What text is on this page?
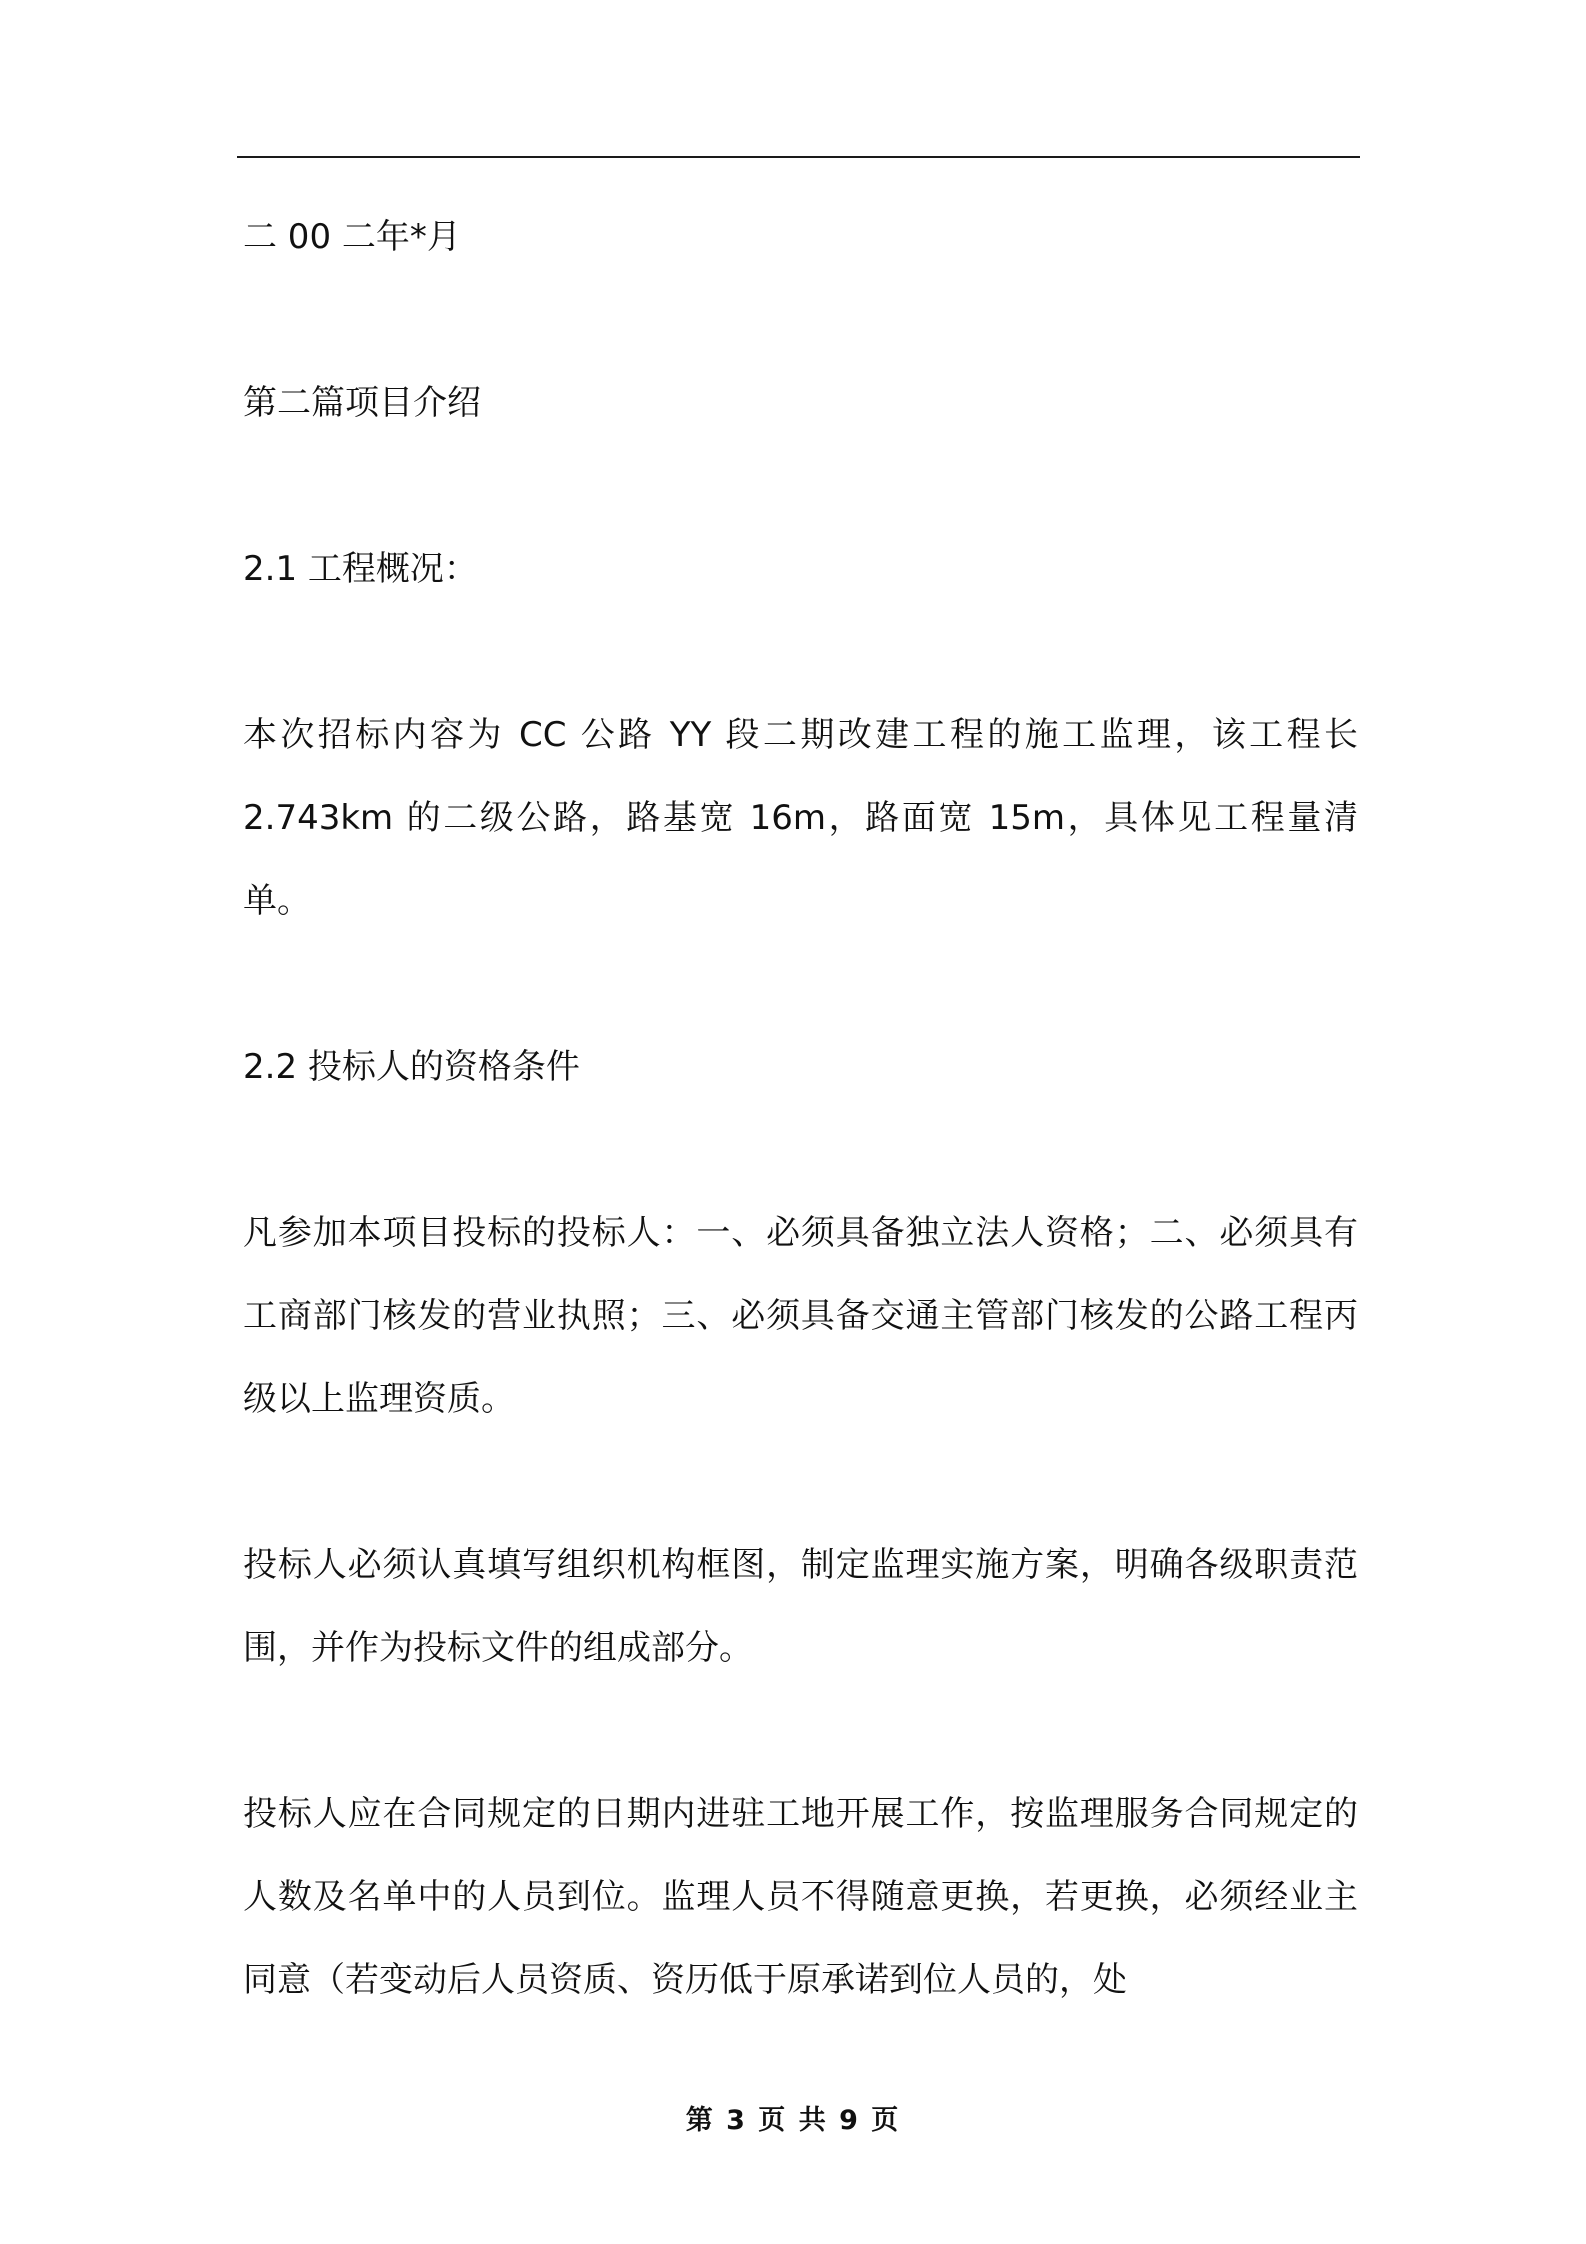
二 00 二年*月

第二篇项目介绍

2.1 工程概况：

本次招标内容为 CC 公路 YY 段二期改建工程的施工监理，该工程长 2.743km 的二级公路，路基宽 16m，路面宽 15m，具体见工程量清单。

2.2 投标人的资格条件

凡参加本项目投标的投标人：一、必须具备独立法人资格；二、必须具有工商部门核发的营业执照；三、必须具备交通主管部门核发的公路工程丙级以上监理资质。

投标人必须认真填写组织机构框图，制定监理实施方案，明确各级职责范围，并作为投标文件的组成部分。

投标人应在合同规定的日期内进驻工地开展工作，按监理服务合同规定的人数及名单中的人员到位。监理人员不得随意更换，若更换，必须经业主同意（若变动后人员资质、资历低于原承诺到位人员的，处

第 3 页 共 9 页
